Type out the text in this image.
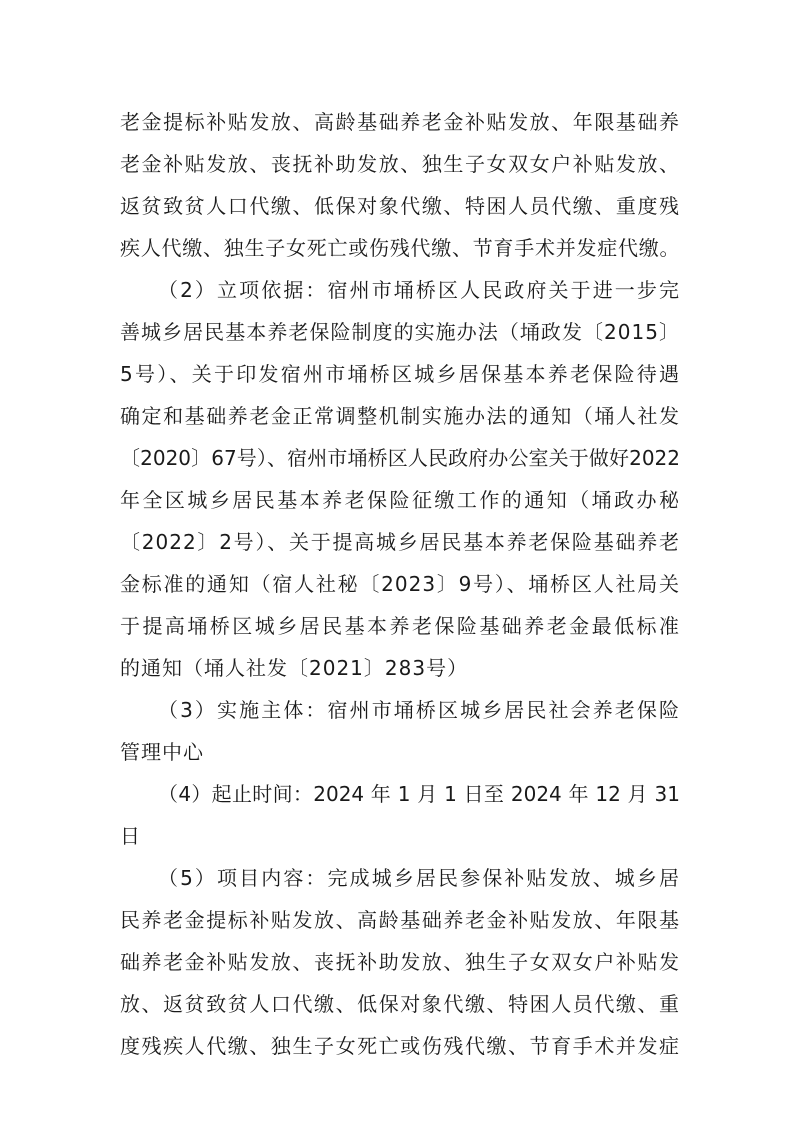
老金提标补贴发放、高龄基础养老金补贴发放、年限基础养
老金补贴发放、丧抚补助发放、独生子女双女户补贴发放、
返贫致贫人口代缴、低保对象代缴、特困人员代缴、重度残
疾人代缴、独生子女死亡或伤残代缴、节育手术并发症代缴。
（2）立项依据：宿州市埇桥区人民政府关于进一步完
善城乡居民基本养老保险制度的实施办法（埇政发〔2015〕
5号）、关于印发宿州市埇桥区城乡居保基本养老保险待遇
确定和基础养老金正常调整机制实施办法的通知（埇人社发
〔2020〕67号）、宿州市埇桥区人民政府办公室关于做好2022
年全区城乡居民基本养老保险征缴工作的通知（埇政办秘
〔2022〕2号）、关于提高城乡居民基本养老保险基础养老
金标准的通知（宿人社秘〔2023〕9号）、埇桥区人社局关
于提高埇桥区城乡居民基本养老保险基础养老金最低标准
的通知（埇人社发〔2021〕283号）
（3）实施主体：宿州市埇桥区城乡居民社会养老保险
管理中心
（4）起止时间：2024 年 1 月 1 日至 2024 年 12 月 31
日
（5）项目内容：完成城乡居民参保补贴发放、城乡居
民养老金提标补贴发放、高龄基础养老金补贴发放、年限基
础养老金补贴发放、丧抚补助发放、独生子女双女户补贴发
放、返贫致贫人口代缴、低保对象代缴、特困人员代缴、重
度残疾人代缴、独生子女死亡或伤残代缴、节育手术并发症
